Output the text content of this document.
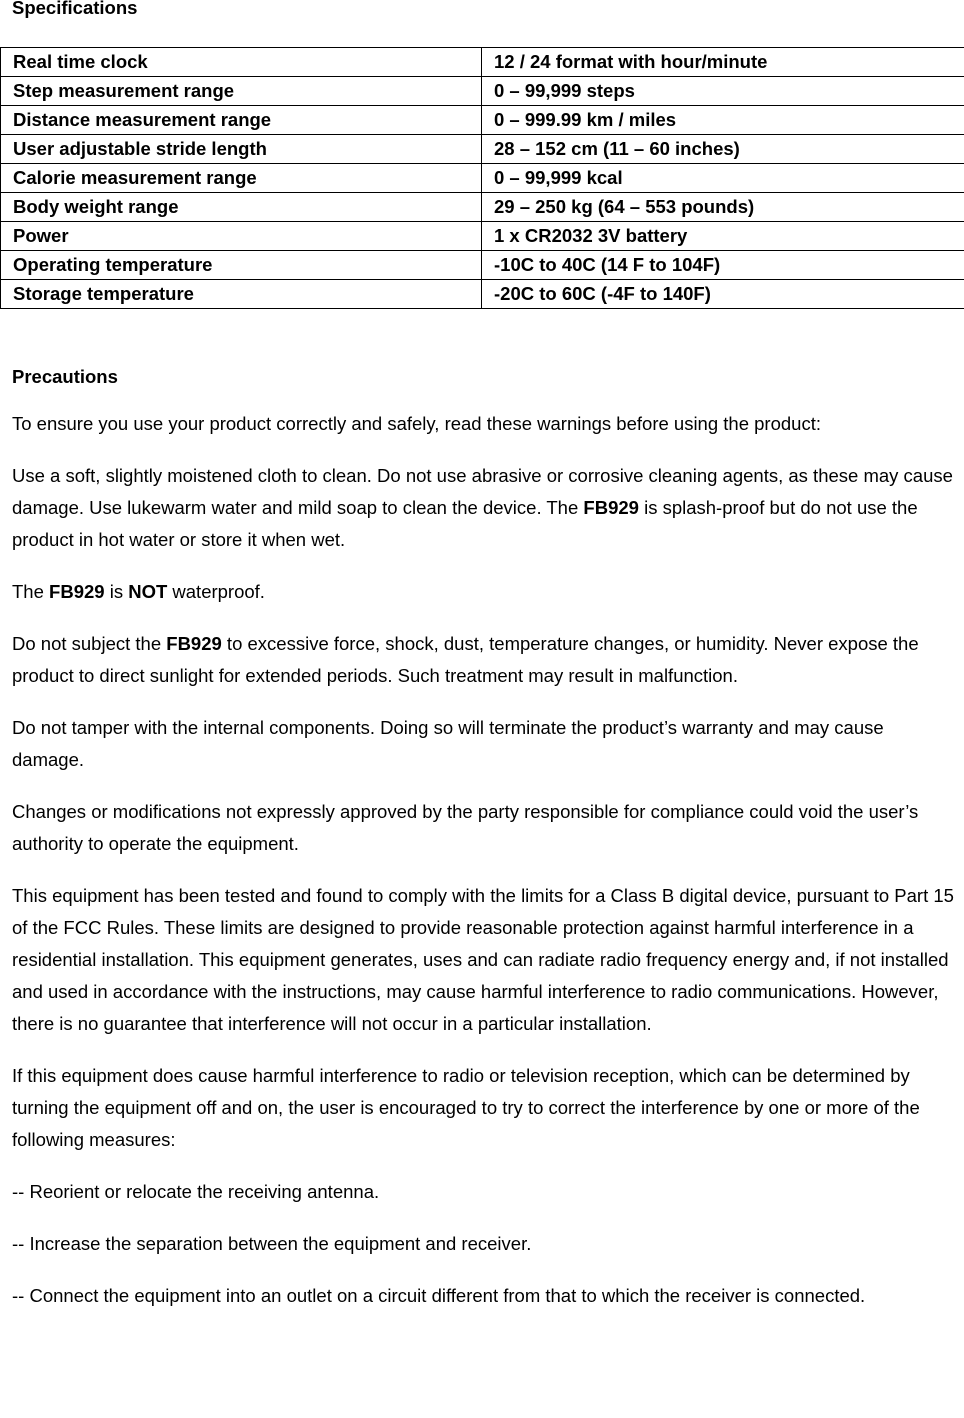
Specifications
Real time clock	12 / 24 format with hour/minute
Step measurement range	0 – 99,999 steps
Distance measurement range	0 – 999.99 km / miles
User adjustable stride length	28 – 152 cm (11 – 60 inches)
Calorie measurement range	0 – 99,999 kcal
Body weight range	29 – 250 kg (64 – 553 pounds)
Power	1 x CR2032 3V battery
Operating temperature	-10C to 40C (14 F to 104F)
Storage temperature	-20C to 60C (-4F to 140F)
Precautions

To ensure you use your product correctly and safely, read these warnings before using the product:

Use a soft, slightly moistened cloth to clean. Do not use abrasive or corrosive cleaning agents, as these may cause damage. Use lukewarm water and mild soap to clean the device. The FB929 is splash-proof but do not use the product in hot water or store it when wet.

The FB929 is NOT waterproof.

Do not subject the FB929 to excessive force, shock, dust, temperature changes, or humidity. Never expose the product to direct sunlight for extended periods. Such treatment may result in malfunction.

Do not tamper with the internal components. Doing so will terminate the product’s warranty and may cause damage.

Changes or modifications not expressly approved by the party responsible for compliance could void the user’s authority to operate the equipment.

This equipment has been tested and found to comply with the limits for a Class B digital device, pursuant to Part 15 of the FCC Rules. These limits are designed to provide reasonable protection against harmful interference in a residential installation. This equipment generates, uses and can radiate radio frequency energy and, if not installed and used in accordance with the instructions, may cause harmful interference to radio communications. However, there is no guarantee that interference will not occur in a particular installation.

If this equipment does cause harmful interference to radio or television reception, which can be determined by turning the equipment off and on, the user is encouraged to try to correct the interference by one or more of the following measures:

-- Reorient or relocate the receiving antenna.

-- Increase the separation between the equipment and receiver.

-- Connect the equipment into an outlet on a circuit different from that to which the receiver is connected.
